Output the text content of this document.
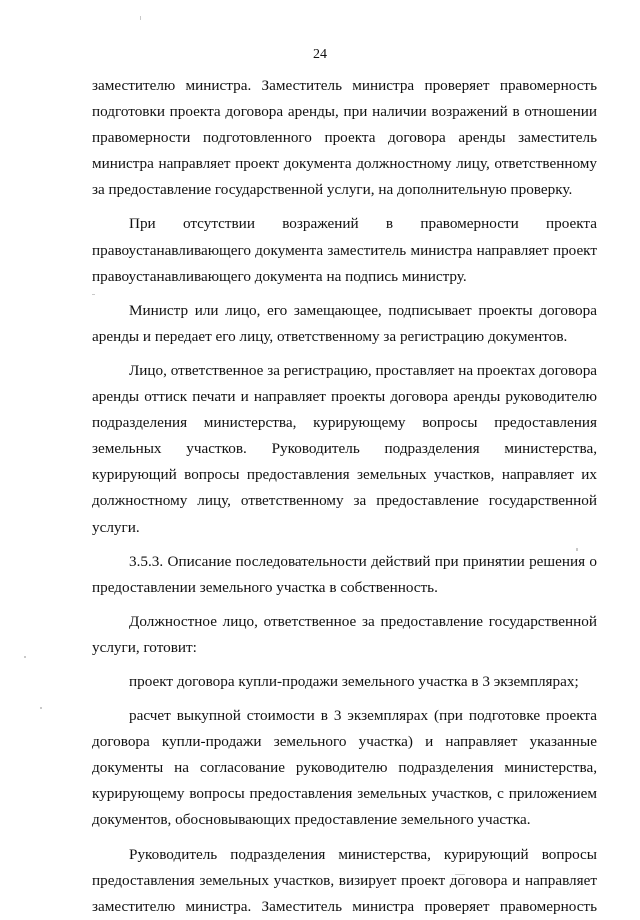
24
заместителю министра. Заместитель министра проверяет правомерность
подготовки проекта договора аренды, при наличии возражений в отношении
правомерности подготовленного проекта договора аренды заместитель
министра направляет проект документа должностному лицу, ответственному
за предоставление государственной услуги, на дополнительную проверку.
При отсутствии возражений в правомерности проекта
правоустанавливающего документа заместитель министра направляет проект
правоустанавливающего документа на подпись министру.
Министр или лицо, его замещающее, подписывает проекты договора
аренды и передает его лицу, ответственному за регистрацию документов.
Лицо, ответственное за регистрацию, проставляет на проектах договора
аренды оттиск печати и направляет проекты договора аренды руководителю
подразделения министерства, курирующему вопросы предоставления
земельных участков. Руководитель подразделения министерства,
курирующий вопросы предоставления земельных участков, направляет их
должностному лицу, ответственному за предоставление государственной
услуги.
3.5.3. Описание последовательности действий при принятии решения о
предоставлении земельного участка в собственность.
Должностное лицо, ответственное за предоставление государственной
услуги, готовит:
проект договора купли-продажи земельного участка в 3 экземплярах;
расчет выкупной стоимости в 3 экземплярах (при подготовке проекта
договора купли-продажи земельного участка) и направляет указанные
документы на согласование руководителю подразделения министерства,
курирующему вопросы предоставления земельных участков, с приложением
документов, обосновывающих предоставление земельного участка.
Руководитель подразделения министерства, курирующий вопросы
предоставления земельных участков, визирует проект договора и направляет
заместителю министра. Заместитель министра проверяет правомерность
